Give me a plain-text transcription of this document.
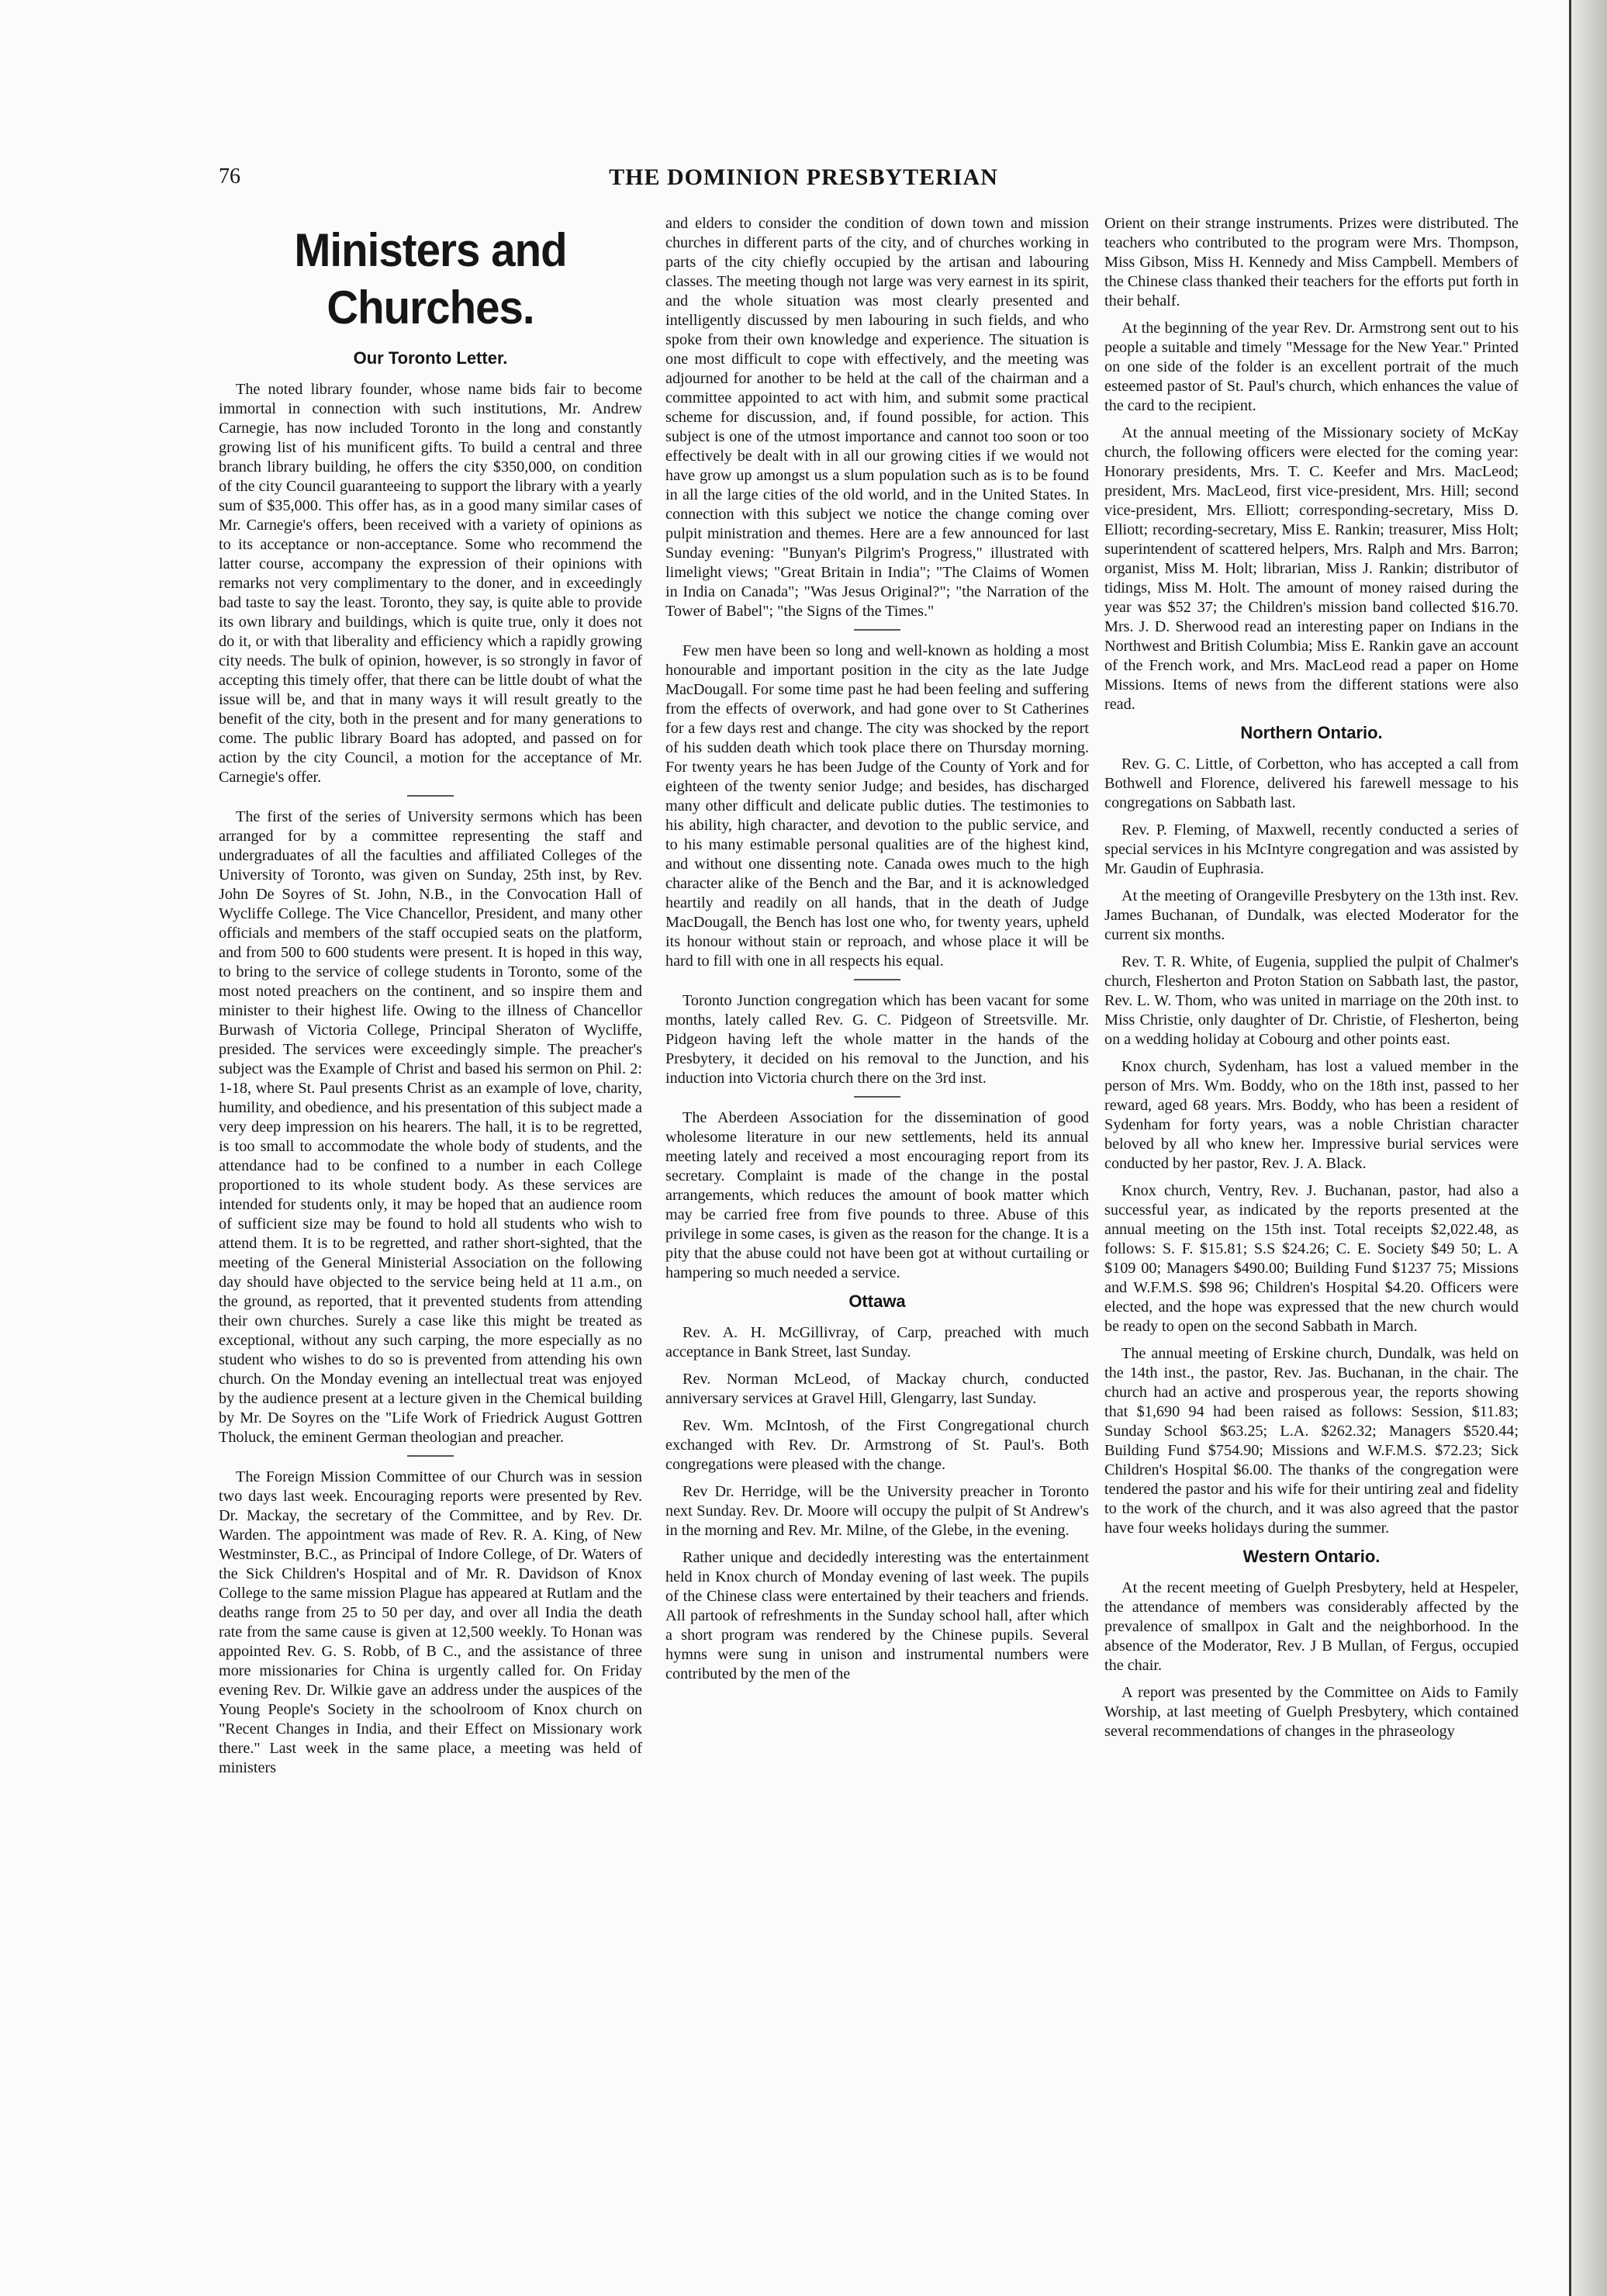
76	THE DOMINION PRESBYTERIAN
Ministers and Churches.
Our Toronto Letter.

The noted library founder, whose name bids fair to become immortal in connection with such institutions, Mr. Andrew Carnegie, has now included Toronto in the long and constantly growing list of his munificent gifts. To build a central and three branch library building, he offers the city $350,000, on condition of the city Council guaranteeing to support the library with a yearly sum of $35,000. This offer has, as in a good many similar cases of Mr. Carnegie's offers, been received with a variety of opinions as to its acceptance or non-acceptance. Some who recommend the latter course, accompany the expression of their opinions with remarks not very complimentary to the doner, and in exceedingly bad taste to say the least. Toronto, they say, is quite able to provide its own library and buildings, which is quite true, only it does not do it, or with that liberality and efficiency which a rapidly growing city needs. The bulk of opinion, however, is so strongly in favor of accepting this timely offer, that there can be little doubt of what the issue will be, and that in many ways it will result greatly to the benefit of the city, both in the present and for many generations to come. The public library Board has adopted, and passed on for action by the city Council, a motion for the acceptance of Mr. Carnegie's offer.

The first of the series of University sermons which has been arranged for by a committee representing the staff and undergraduates of all the faculties and affiliated Colleges of the University of Toronto, was given on Sunday, 25th inst, by Rev. John De Soyres of St. John, N.B., in the Convocation Hall of Wycliffe College. The Vice Chancellor, President, and many other officials and members of the staff occupied seats on the platform, and from 500 to 600 students were present. It is hoped in this way, to bring to the service of college students in Toronto, some of the most noted preachers on the continent, and so inspire them and minister to their highest life. Owing to the illness of Chancellor Burwash of Victoria College, Principal Sheraton of Wycliffe, presided. The services were exceedingly simple. The preacher's subject was the Example of Christ and based his sermon on Phil. 2: 1-18, where St. Paul presents Christ as an example of love, charity, humility, and obedience, and his presentation of this subject made a very deep impression on his hearers. The hall, it is to be regretted, is too small to accommodate the whole body of students, and the attendance had to be confined to a number in each College proportioned to its whole student body. As these services are intended for students only, it may be hoped that an audience room of sufficient size may be found to hold all students who wish to attend them. It is to be regretted, and rather short-sighted, that the meeting of the General Ministerial Association on the following day should have objected to the service being held at 11 a.m., on the ground, as reported, that it prevented students from attending their own churches. Surely a case like this might be treated as exceptional, without any such carping, the more especially as no student who wishes to do so is prevented from attending his own church. On the Monday evening an intellectual treat was enjoyed by the audience present at a lecture given in the Chemical building by Mr. De Soyres on the "Life Work of Friedrick August Gottren Tholuck, the eminent German theologian and preacher.

The Foreign Mission Committee of our Church was in session two days last week. Encouraging reports were presented by Rev. Dr. Mackay, the secretary of the Committee, and by Rev. Dr. Warden. The appointment was made of Rev. R. A. King, of New Westminster, B.C., as Principal of Indore College, of Dr. Waters of the Sick Children's Hospital and of Mr. R. Davidson of Knox College to the same mission Plague has appeared at Rutlam and the deaths range from 25 to 50 per day, and over all India the death rate from the same cause is given at 12,500 weekly. To Honan was appointed Rev. G. S. Robb, of B C., and the assistance of three more missionaries for China is urgently called for. On Friday evening Rev. Dr. Wilkie gave an address under the auspices of the Young People's Society in the schoolroom of Knox church on "Recent Changes in India, and their Effect on Missionary work there." Last week in the same place, a meeting was held of ministers

and elders to consider the condition of down town and mission churches in different parts of the city, and of churches working in parts of the city chiefly occupied by the artisan and labouring classes. The meeting though not large was very earnest in its spirit, and the whole situation was most clearly presented and intelligently discussed by men labouring in such fields, and who spoke from their own knowledge and experience. The situation is one most difficult to cope with effectively, and the meeting was adjourned for another to be held at the call of the chairman and a committee appointed to act with him, and submit some practical scheme for discussion, and, if found possible, for action. This subject is one of the utmost importance and cannot too soon or too effectively be dealt with in all our growing cities if we would not have grow up amongst us a slum population such as is to be found in all the large cities of the old world, and in the United States. In connection with this subject we notice the change coming over pulpit ministration and themes. Here are a few announced for last Sunday evening: "Bunyan's Pilgrim's Progress," illustrated with limelight views; "Great Britain in India"; "The Claims of Women in India on Canada"; "Was Jesus Original?"; "the Narration of the Tower of Babel"; "the Signs of the Times."

Few men have been so long and well-known as holding a most honourable and important position in the city as the late Judge MacDougall. For some time past he had been feeling and suffering from the effects of overwork, and had gone over to St Catherines for a few days rest and change. The city was shocked by the report of his sudden death which took place there on Thursday morning. For twenty years he has been Judge of the County of York and for eighteen of the twenty senior Judge; and besides, has discharged many other difficult and delicate public duties. The testimonies to his ability, high character, and devotion to the public service, and to his many estimable personal qualities are of the highest kind, and without one dissenting note. Canada owes much to the high character alike of the Bench and the Bar, and it is acknowledged heartily and readily on all hands, that in the death of Judge MacDougall, the Bench has lost one who, for twenty years, upheld its honour without stain or reproach, and whose place it will be hard to fill with one in all respects his equal.

Toronto Junction congregation which has been vacant for some months, lately called Rev. G. C. Pidgeon of Streetsville. Mr. Pidgeon having left the whole matter in the hands of the Presbytery, it decided on his removal to the Junction, and his induction into Victoria church there on the 3rd inst.

The Aberdeen Association for the dissemination of good wholesome literature in our new settlements, held its annual meeting lately and received a most encouraging report from its secretary. Complaint is made of the change in the postal arrangements, which reduces the amount of book matter which may be carried free from five pounds to three. Abuse of this privilege in some cases, is given as the reason for the change. It is a pity that the abuse could not have been got at without curtailing or hampering so much needed a service.

Ottawa

Rev. A. H. McGillivray, of Carp, preached with much acceptance in Bank Street, last Sunday.

Rev. Norman McLeod, of Mackay church, conducted anniversary services at Gravel Hill, Glengarry, last Sunday.

Rev. Wm. McIntosh, of the First Congregational church exchanged with Rev. Dr. Armstrong of St. Paul's. Both congregations were pleased with the change.

Rev Dr. Herridge, will be the University preacher in Toronto next Sunday. Rev. Dr. Moore will occupy the pulpit of St Andrew's in the morning and Rev. Mr. Milne, of the Glebe, in the evening.

Rather unique and decidedly interesting was the entertainment held in Knox church of Monday evening of last week. The pupils of the Chinese class were entertained by their teachers and friends. All partook of refreshments in the Sunday school hall, after which a short program was rendered by the Chinese pupils. Several hymns were sung in unison and instrumental numbers were contributed by the men of the

Orient on their strange instruments. Prizes were distributed. The teachers who contributed to the program were Mrs. Thompson, Miss Gibson, Miss H. Kennedy and Miss Campbell. Members of the Chinese class thanked their teachers for the efforts put forth in their behalf.

At the beginning of the year Rev. Dr. Armstrong sent out to his people a suitable and timely "Message for the New Year." Printed on one side of the folder is an excellent portrait of the much esteemed pastor of St. Paul's church, which enhances the value of the card to the recipient.

At the annual meeting of the Missionary society of McKay church, the following officers were elected for the coming year: Honorary presidents, Mrs. T. C. Keefer and Mrs. MacLeod; president, Mrs. MacLeod, first vice-president, Mrs. Hill; second vice-president, Mrs. Elliott; corresponding-secretary, Miss D. Elliott; recording-secretary, Miss E. Rankin; treasurer, Miss Holt; superintendent of scattered helpers, Mrs. Ralph and Mrs. Barron; organist, Miss M. Holt; librarian, Miss J. Rankin; distributor of tidings, Miss M. Holt. The amount of money raised during the year was $52 37; the Children's mission band collected $16.70. Mrs. J. D. Sherwood read an interesting paper on Indians in the Northwest and British Columbia; Miss E. Rankin gave an account of the French work, and Mrs. MacLeod read a paper on Home Missions. Items of news from the different stations were also read.

Northern Ontario.

Rev. G. C. Little, of Corbetton, who has accepted a call from Bothwell and Florence, delivered his farewell message to his congregations on Sabbath last.

Rev. P. Fleming, of Maxwell, recently conducted a series of special services in his McIntyre congregation and was assisted by Mr. Gaudin of Euphrasia.

At the meeting of Orangeville Presbytery on the 13th inst. Rev. James Buchanan, of Dundalk, was elected Moderator for the current six months.

Rev. T. R. White, of Eugenia, supplied the pulpit of Chalmer's church, Flesherton and Proton Station on Sabbath last, the pastor, Rev. L. W. Thom, who was united in marriage on the 20th inst. to Miss Christie, only daughter of Dr. Christie, of Flesherton, being on a wedding holiday at Cobourg and other points east.

Knox church, Sydenham, has lost a valued member in the person of Mrs. Wm. Boddy, who on the 18th inst, passed to her reward, aged 68 years. Mrs. Boddy, who has been a resident of Sydenham for forty years, was a noble Christian character beloved by all who knew her. Impressive burial services were conducted by her pastor, Rev. J. A. Black.

Knox church, Ventry, Rev. J. Buchanan, pastor, had also a successful year, as indicated by the reports presented at the annual meeting on the 15th inst. Total receipts $2,022.48, as follows: S. F. $15.81; S.S $24.26; C. E. Society $49 50; L. A $109 00; Managers $490.00; Building Fund $1237 75; Missions and W.F.M.S. $98 96; Children's Hospital $4.20. Officers were elected, and the hope was expressed that the new church would be ready to open on the second Sabbath in March.

The annual meeting of Erskine church, Dundalk, was held on the 14th inst., the pastor, Rev. Jas. Buchanan, in the chair. The church had an active and prosperous year, the reports showing that $1,690 94 had been raised as follows: Session, $11.83; Sunday School $63.25; L.A. $262.32; Managers $520.44; Building Fund $754.90; Missions and W.F.M.S. $72.23; Sick Children's Hospital $6.00. The thanks of the congregation were tendered the pastor and his wife for their untiring zeal and fidelity to the work of the church, and it was also agreed that the pastor have four weeks holidays during the summer.

Western Ontario.

At the recent meeting of Guelph Presbytery, held at Hespeler, the attendance of members was considerably affected by the prevalence of smallpox in Galt and the neighborhood. In the absence of the Moderator, Rev. J B Mullan, of Fergus, occupied the chair.

A report was presented by the Committee on Aids to Family Worship, at last meeting of Guelph Presbytery, which contained several recommendations of changes in the phraseology
